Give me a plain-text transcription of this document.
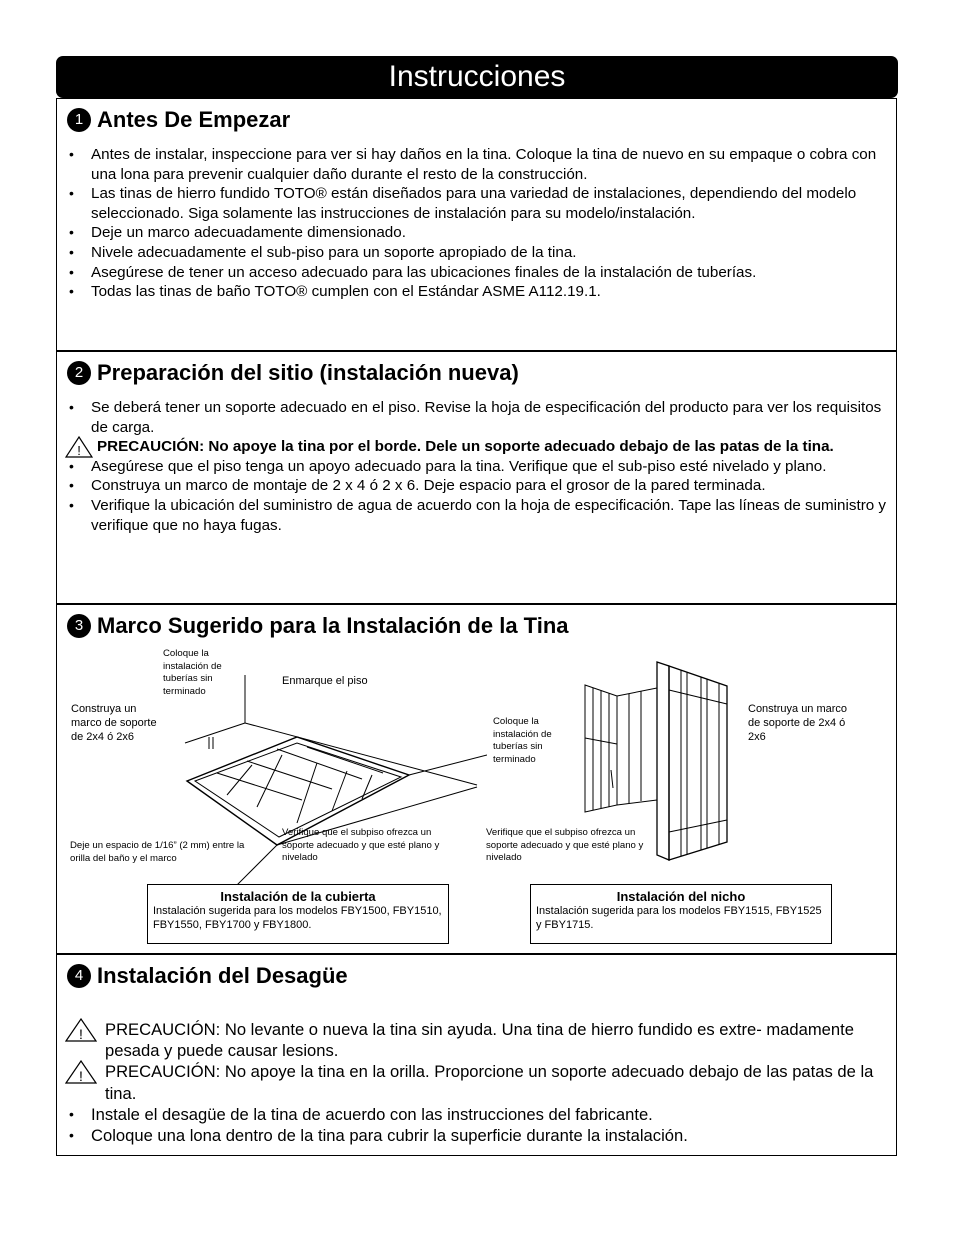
Instrucciones
1 Antes De Empezar
• Antes de instalar, inspeccione para ver si hay daños en la tina. Coloque la tina de nuevo en su empaque o cobra con una lona para prevenir cualquier daño durante el resto de la construcción.
• Las tinas de hierro fundido TOTO® están diseñados para una variedad de instalaciones, dependiendo del modelo seleccionado. Siga solamente las instrucciones de instalación para su modelo/instalación.
• Deje un marco adecuadamente dimensionado.
• Nivele adecuadamente el sub-piso para un soporte apropiado de la tina.
• Asegúrese de tener un acceso adecuado para las ubicaciones finales de la instalación de tuberías.
• Todas las tinas de baño TOTO® cumplen con el Estándar ASME A112.19.1.
2 Preparación del sitio (instalación nueva)
• Se deberá tener un soporte adecuado en el piso. Revise la hoja de especificación del producto para ver los requisitos de carga.
! PRECAUCIÓN: No apoye la tina por el borde. Dele un soporte adecuado debajo de las patas de la tina.
• Asegúrese que el piso tenga un apoyo adecuado para la tina. Verifique que el sub-piso esté nivelado y plano.
• Construya un marco de montaje de 2 x 4 ó 2 x 6. Deje espacio para el grosor de la pared terminada.
• Verifique la ubicación del suministro de agua de acuerdo con la hoja de especificación. Tape las líneas de suministro y verifique que no haya fugas.
3 Marco Sugerido para la Instalación de la Tina
Coloque la instalación de tuberías sin terminado
Enmarque el piso
Construya un marco de soporte de 2x4 ó 2x6
Deje un espacio de 1/16” (2 mm) entre la orilla del baño y el marco
Verifique que el subpiso ofrezca un soporte adecuado y que esté plano y nivelado
Coloque la instalación de tuberías sin terminado
Construya un marco de soporte de 2x4 ó 2x6
Verifique que el subpiso ofrezca un soporte adecuado y que esté plano y nivelado
Instalación de la cubierta
Instalación sugerida para los modelos FBY1500, FBY1510, FBY1550, FBY1700 y FBY1800.
Instalación del nicho
Instalación sugerida para los modelos FBY1515, FBY1525 y FBY1715.
4 Instalación del Desagüe
! PRECAUCIÓN: No levante o nueva la tina sin ayuda. Una tina de hierro fundido es extre- madamente pesada y puede causar lesions.
! PRECAUCIÓN: No apoye la tina en la orilla. Proporcione un soporte adecuado debajo de las patas de la tina.
• Instale el desagüe de la tina de acuerdo con las instrucciones del fabricante.
• Coloque una lona dentro de la tina para cubrir la superficie durante la instalación.
